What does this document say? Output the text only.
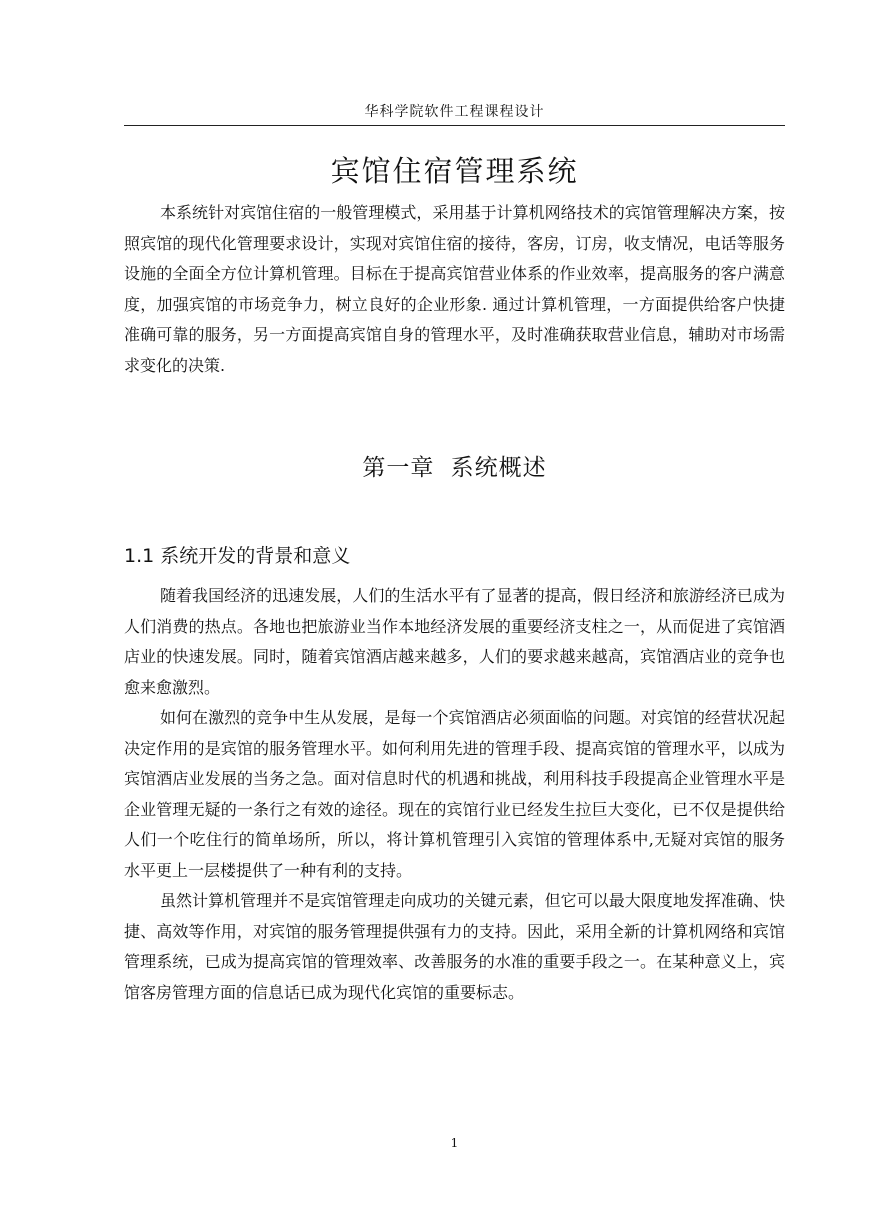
华科学院软件工程课程设计
宾馆住宿管理系统

本系统针对宾馆住宿的一般管理模式，采用基于计算机网络技术的宾馆管理解决方案，按照宾馆的现代化管理要求设计，实现对宾馆住宿的接待，客房，订房，收支情况，电话等服务设施的全面全方位计算机管理。目标在于提高宾馆营业体系的作业效率，提高服务的客户满意度，加强宾馆的市场竞争力，树立良好的企业形象. 通过计算机管理，一方面提供给客户快捷准确可靠的服务，另一方面提高宾馆自身的管理水平，及时准确获取营业信息，辅助对市场需求变化的决策.

第一章 系统概述
1.1 系统开发的背景和意义

随着我国经济的迅速发展，人们的生活水平有了显著的提高，假日经济和旅游经济已成为人们消费的热点。各地也把旅游业当作本地经济发展的重要经济支柱之一，从而促进了宾馆酒店业的快速发展。同时，随着宾馆酒店越来越多，人们的要求越来越高，宾馆酒店业的竞争也愈来愈激烈。

如何在激烈的竞争中生从发展，是每一个宾馆酒店必须面临的问题。对宾馆的经营状况起决定作用的是宾馆的服务管理水平。如何利用先进的管理手段、提高宾馆的管理水平，以成为宾馆酒店业发展的当务之急。面对信息时代的机遇和挑战，利用科技手段提高企业管理水平是企业管理无疑的一条行之有效的途径。现在的宾馆行业已经发生拉巨大变化，已不仅是提供给人们一个吃住行的简单场所，所以，将计算机管理引入宾馆的管理体系中,无疑对宾馆的服务水平更上一层楼提供了一种有利的支持。

虽然计算机管理并不是宾馆管理走向成功的关键元素，但它可以最大限度地发挥准确、快捷、高效等作用，对宾馆的服务管理提供强有力的支持。因此，采用全新的计算机网络和宾馆管理系统，已成为提高宾馆的管理效率、改善服务的水准的重要手段之一。在某种意义上，宾馆客房管理方面的信息话已成为现代化宾馆的重要标志。

1
